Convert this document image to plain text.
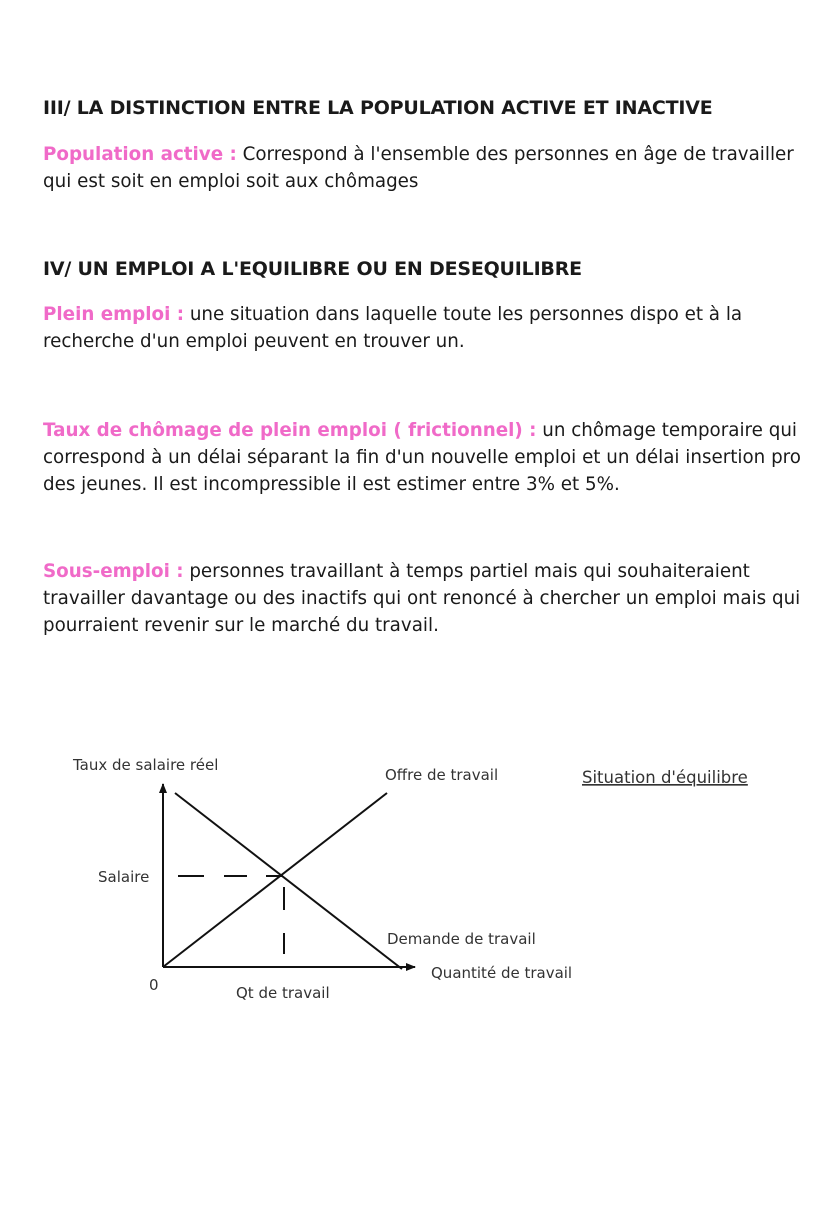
III/ LA DISTINCTION ENTRE LA POPULATION ACTIVE ET INACTIVE

Population active : Correspond à l'ensemble des personnes en âge de travailler qui est soit en emploi soit aux chômages

IV/ UN EMPLOI A L'EQUILIBRE OU EN DESEQUILIBRE

Plein emploi : une situation dans laquelle toute les personnes dispo et à la recherche d'un emploi peuvent en trouver un.

Taux de chômage de plein emploi ( frictionnel) : un chômage temporaire qui correspond à un délai séparant la fin d'un nouvelle emploi et un délai insertion pro des jeunes. Il est incompressible il est estimer entre 3% et 5%.

Sous-emploi : personnes travaillant à temps partiel mais qui souhaiteraient travailler davantage ou des inactifs qui ont renoncé à chercher un emploi mais qui pourraient revenir sur le marché du travail.

Taux de salaire réel
Offre de travail	Situation d'équilibre
Salaire
Demande de travail
Quantité de travail
0	Qt de travail
